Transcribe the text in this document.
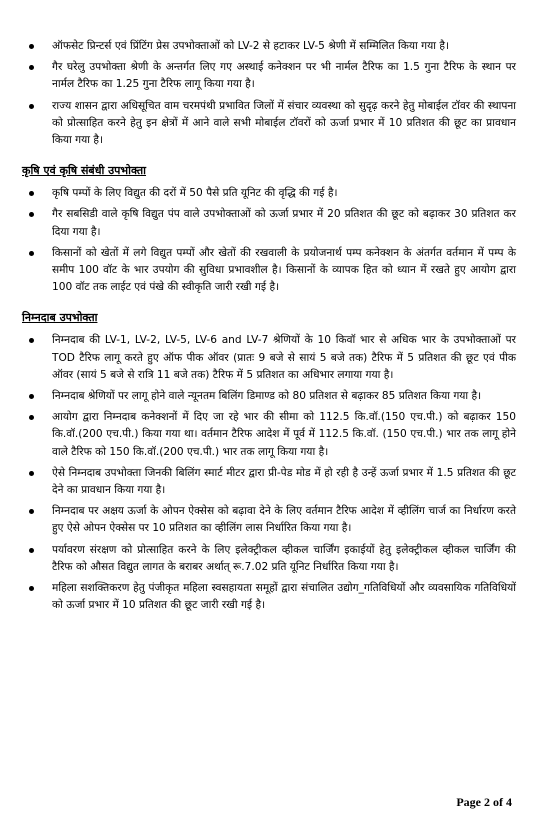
ऑफसेट प्रिन्टर्स एवं प्रिंटिंग प्रेस उपभोक्ताओं को LV-2 से हटाकर LV-5 श्रेणी में सम्मिलित किया गया है।
गैर घरेलु उपभोक्ता श्रेणी के अन्तर्गत लिए गए अस्थाई कनेक्शन पर भी नार्मल टैरिफ का 1.5 गुना टैरिफ के स्थान पर नार्मल टैरिफ का 1.25 गुना टैरिफ लागू किया गया है।
राज्य शासन द्वारा अधिसूचित वाम चरमपंथी प्रभावित जिलों में संचार व्यवस्था को सुदृढ़ करने हेतु मोबाईल टॉवर की स्थापना को प्रोत्साहित करने हेतु इन क्षेत्रों में आने वाले सभी मोबाईल टॉवरों को ऊर्जा प्रभार में 10 प्रतिशत की छूट का प्रावधान किया गया है।
कृषि एवं कृषि संबंधी उपभोक्ता
कृषि पम्पों के लिए विद्युत की दरों में 50 पैसे प्रति यूनिट की वृद्धि की गई है।
गैर सबसिडी वाले कृषि विद्युत पंप वाले उपभोक्ताओं को ऊर्जा प्रभार में 20 प्रतिशत की छूट को बढ़ाकर 30 प्रतिशत कर दिया गया है।
किसानों को खेतों में लगे विद्युत पम्पों और खेतों की रखवाली के प्रयोजनार्थ पम्प कनेक्शन के अंतर्गत वर्तमान में पम्प के समीप 100 वॉट के भार उपयोग की सुविधा प्रभावशील है। किसानों के व्यापक हित को ध्यान में रखते हुए आयोग द्वारा 100 वॉट तक लाईट एवं पंखे की स्वीकृति जारी रखी गई है।
निम्नदाब उपभोक्ता
निम्नदाब की LV-1, LV-2, LV-5, LV-6 and LV-7 श्रेणियों के 10 किवॉ भार से अधिक भार के उपभोक्ताओं पर TOD टैरिफ लागू करते हुए ऑफ पीक ऑवर (प्रातः 9 बजे से सायं 5 बजे तक) टैरिफ में 5 प्रतिशत की छूट एवं पीक ऑवर (सायं 5 बजे से रात्रि 11 बजे तक) टैरिफ में 5 प्रतिशत का अधिभार लगाया गया है।
निम्नदाब श्रेणियों पर लागू होने वाले न्यूनतम बिलिंग डिमाण्ड को 80 प्रतिशत से बढ़ाकर 85 प्रतिशत किया गया है।
आयोग द्वारा निम्नदाब कनेक्शनों में दिए जा रहे भार की सीमा को 112.5 कि.वॉ.(150 एच.पी.) को बढ़ाकर 150 कि.वॉ.(200 एच.पी.) किया गया था। वर्तमान टैरिफ आदेश में पूर्व में 112.5 कि.वॉ. (150 एच.पी.) भार तक लागू होने वाले टैरिफ को 150 कि.वॉ.(200 एच.पी.) भार तक लागू किया गया है।
ऐसे निम्नदाब उपभोक्ता जिनकी बिलिंग स्मार्ट मीटर द्वारा प्री-पेड मोड में हो रही है उन्हें ऊर्जा प्रभार में 1.5 प्रतिशत की छूट देने का प्रावधान किया गया है।
निम्नदाब पर अक्षय ऊर्जा के ओपन ऐक्सेस को बढ़ावा देने के लिए वर्तमान टैरिफ आदेश में व्हीलिंग चार्ज का निर्धारण करते हुए ऐसे ओपन ऐक्सेस पर 10 प्रतिशत का व्हीलिंग लास निर्धारित किया गया है।
पर्यावरण संरक्षण को प्रोत्साहित करने के लिए इलेक्ट्रीकल व्हीकल चार्जिंग इकाईयों हेतु इलेक्ट्रीकल व्हीकल चार्जिंग की टैरिफ को औसत विद्युत लागत के बराबर अर्थात् रू.7.02 प्रति यूनिट निर्धारित किया गया है।
महिला सशक्तिकरण हेतु पंजीकृत महिला स्वसहायता समूहों द्वारा संचालित उद्योग_गतिविधियों और व्यवसायिक गतिविधियों को ऊर्जा प्रभार में 10 प्रतिशत की छूट जारी रखी गई है।
Page 2 of 4
